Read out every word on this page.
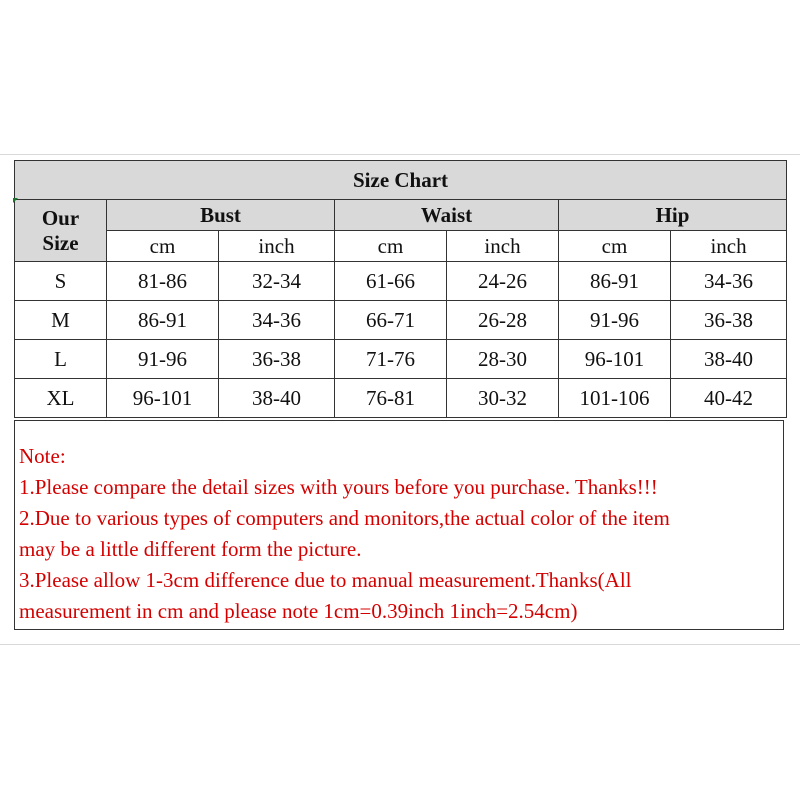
Size Chart						

Our
Size	Bust		Waist		Hip	
	cm	inch	cm	inch	cm	inch
S	81-86	32-34	61-66	24-26	86-91	34-36
M	86-91	34-36	66-71	26-28	91-96	36-38
L	91-96	36-38	71-76	28-30	96-101	38-40
XL	96-101	38-40	76-81	30-32	101-106	40-42
Note:
1.Please compare the detail sizes with yours before you purchase. Thanks!!!
2.Due to various types of computers and monitors,the actual color of the item
may be a little different form the picture.
3.Please allow 1-3cm difference due to manual measurement.Thanks(All
measurement in cm and please note 1cm=0.39inch 1inch=2.54cm)
